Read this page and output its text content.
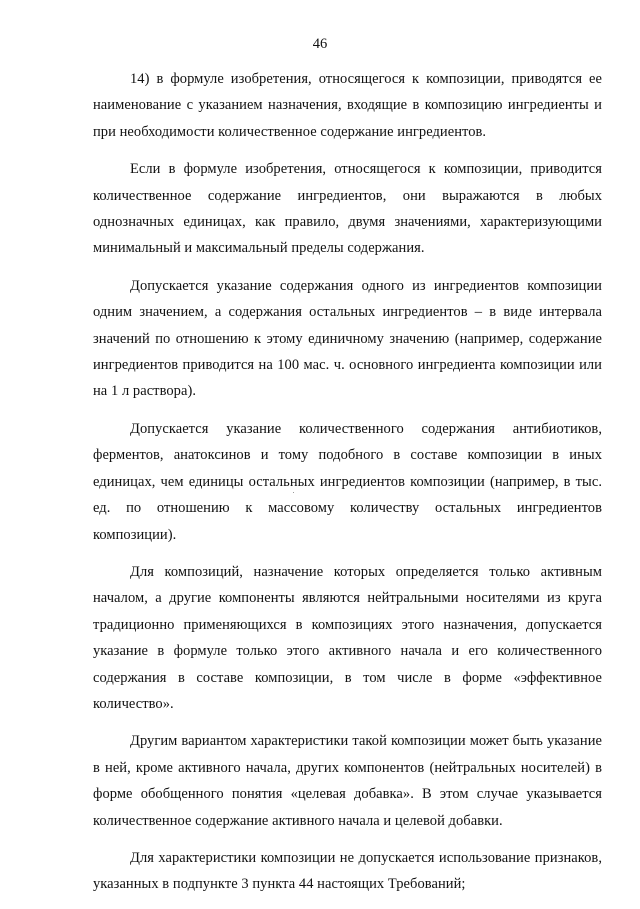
46

14) в формуле изобретения, относящегося к композиции, приводятся ее наименование с указанием назначения, входящие в композицию ингредиенты и при необходимости количественное содержание ингредиентов.

Если в формуле изобретения, относящегося к композиции, приводится количественное содержание ингредиентов, они выражаются в любых однозначных единицах, как правило, двумя значениями, характеризующими минимальный и максимальный пределы содержания.

Допускается указание содержания одного из ингредиентов композиции одним значением, а содержания остальных ингредиентов – в виде интервала значений по отношению к этому единичному значению (например, содержание ингредиентов приводится на 100 мас. ч. основного ингредиента композиции или на 1 л раствора).

Допускается указание количественного содержания антибиотиков, ферментов, анатоксинов и тому подобного в составе композиции в иных единицах, чем единицы остальных ингредиентов композиции (например, в тыс. ед. по отношению к массовому количеству остальных ингредиентов композиции).

Для композиций, назначение которых определяется только активным началом, а другие компоненты являются нейтральными носителями из круга традиционно применяющихся в композициях этого назначения, допускается указание в формуле только этого активного начала и его количественного содержания в составе композиции, в том числе в форме «эффективное количество».

Другим вариантом характеристики такой композиции может быть указание в ней, кроме активного начала, других компонентов (нейтральных носителей) в форме обобщенного понятия «целевая добавка». В этом случае указывается количественное содержание активного начала и целевой добавки.

Для характеристики композиции не допускается использование признаков, указанных в подпункте 3 пункта 44 настоящих Требований;
